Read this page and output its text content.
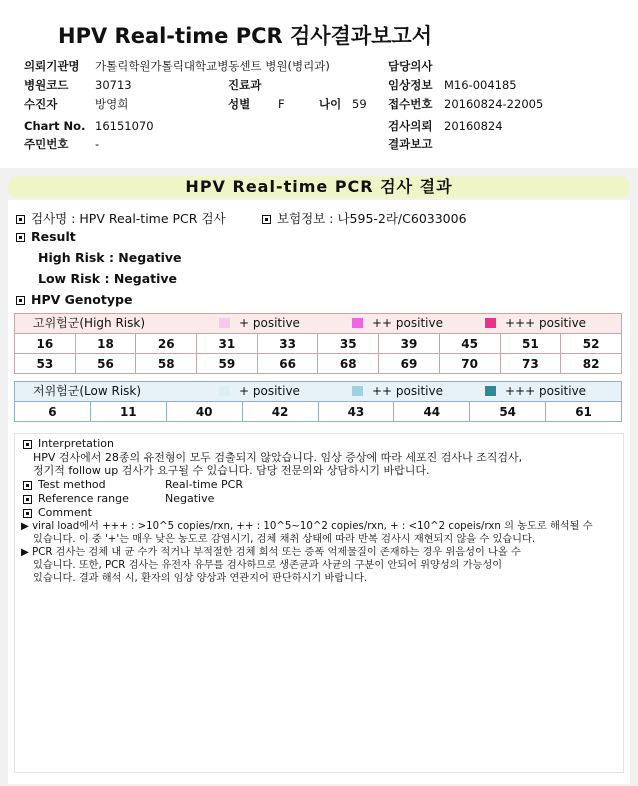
HPV Real-time PCR 검사결과보고서
의뢰기관명 가톨릭학원가톨릭대학교병동센트 병원(병리과)	담당의사
병원코드 30713	진료과	임상정보 M16-004185
수진자	방영희	성별 F	나이 59 접수번호 20160824-22005
Chart No. 16151070	검사의뢰 20160824
주민번호 -	결과보고
HPV Real-time PCR 검사 결과
검사명 : HPV Real-time PCR 검사	보험정보 : 나595-2라/C6033006
Result
High Risk : Negative
Low Risk : Negative
HPV Genotype
고위험군(High Risk)	+ positive	++ positive	+++ positive
16	18	26	31	33	35	39	45	51	52
53	56	58	59	66	68	69	70	73	82
저위험군(Low Risk)	+ positive	++ positive	+++ positive
6	11	40	42	43	44	54	61
Interpretation
HPV 검사에서 28종의 유전형이 모두 검출되지 않았습니다. 임상 증상에 따라 세포진 검사나 조직검사,
정기적 follow up 검사가 요구될 수 있습니다. 담당 전문의와 상담하시기 바랍니다.
Test method	Real-time PCR
Reference range	Negative
Comment
▶ viral load에서 +++ : >10^5 copies/rxn, ++ : 10^5~10^2 copies/rxn, + : <10^2 copeis/rxn 의 농도로 해석될 수
있습니다. 이 중 '+'는 매우 낮은 농도로 감염시기, 검체 채취 상태에 따라 반복 검사시 재현되지 않을 수 있습니다.
▶ PCR 검사는 검체 내 균 수가 적거나 부적절한 검체 희석 또는 증폭 억제물질이 존재하는 경우 위음성이 나올 수
있습니다. 또한, PCR 검사는 유전자 유무를 검사하므로 생존균과 사균의 구분이 안되어 위양성의 가능성이
있습니다. 결과 해석 시, 환자의 임상 양상과 연관지어 판단하시기 바랍니다.
